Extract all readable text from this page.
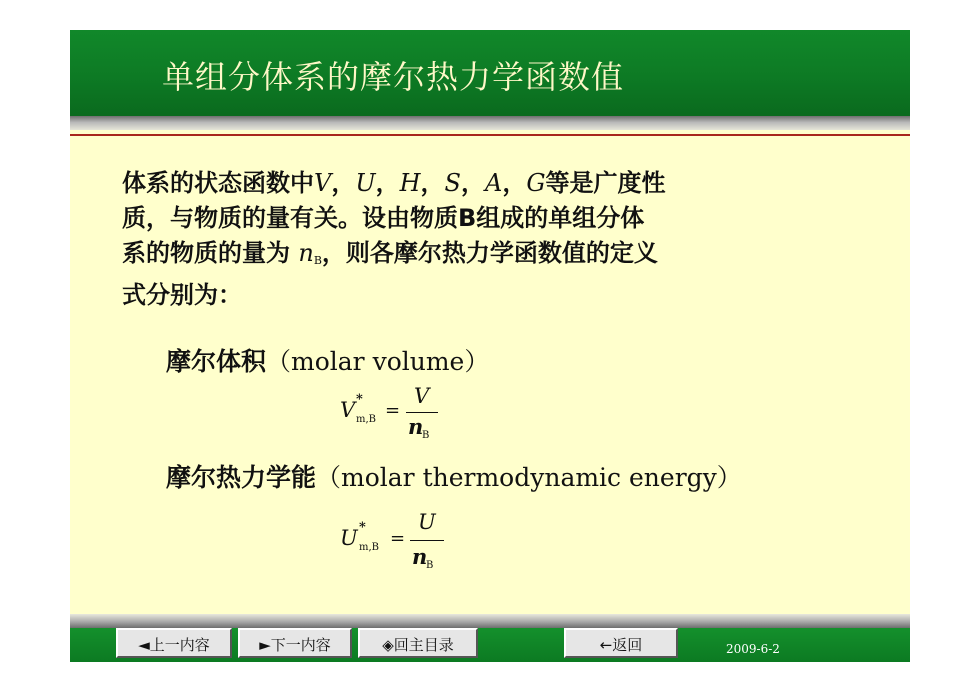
单组分体系的摩尔热力学函数值
体系的状态函数中V，U，H，S，A，G等是广度性
质，与物质的量有关。设由物质B组成的单组分体
系的物质的量为 $n_B$，则各摩尔热力学函数值的定义
式分别为：
摩尔体积（molar volume）
V *
m,B =
V
n
B
摩尔热力学能（molar thermodynamic energy）
U *
m,B =
U
n
B
◄上一内容	►下一内容	◈回主目录	←返回	2009-6-2
